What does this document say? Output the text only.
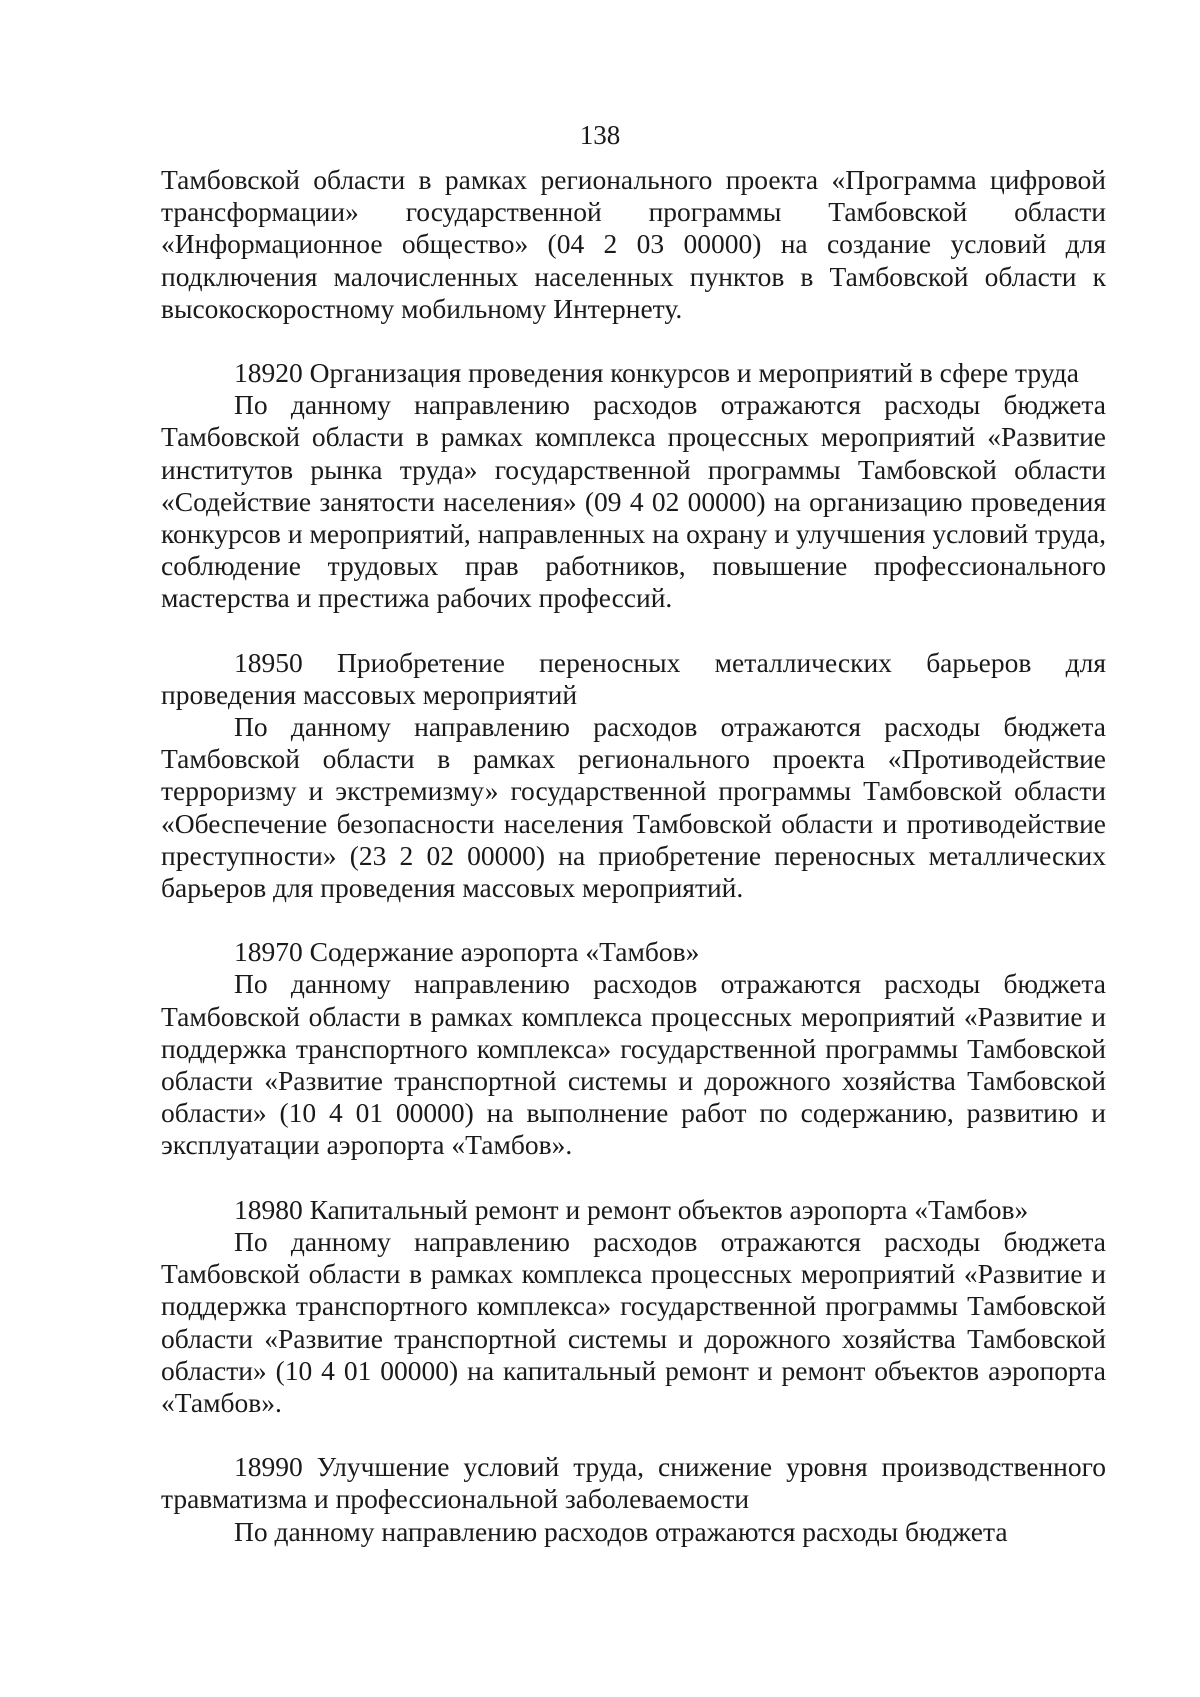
138

Тамбовской области в рамках регионального проекта «Программа цифровой трансформации» государственной программы Тамбовской области «Информационное общество» (04 2 03 00000) на создание условий для подключения малочисленных населенных пунктов в Тамбовской области к высокоскоростному мобильному Интернету.

18920 Организация проведения конкурсов и мероприятий в сфере труда

По данному направлению расходов отражаются расходы бюджета Тамбовской области в рамках комплекса процессных мероприятий «Развитие институтов рынка труда» государственной программы Тамбовской области «Содействие занятости населения» (09 4 02 00000) на организацию проведения конкурсов и мероприятий, направленных на охрану и улучшения условий труда, соблюдение трудовых прав работников, повышение профессионального мастерства и престижа рабочих профессий.

18950 Приобретение переносных металлических барьеров для проведения массовых мероприятий

По данному направлению расходов отражаются расходы бюджета Тамбовской области в рамках регионального проекта «Противодействие терроризму и экстремизму» государственной программы Тамбовской области «Обеспечение безопасности населения Тамбовской области и противодействие преступности» (23 2 02 00000) на приобретение переносных металлических барьеров для проведения массовых мероприятий.

18970 Содержание аэропорта «Тамбов»

По данному направлению расходов отражаются расходы бюджета Тамбовской области в рамках комплекса процессных мероприятий «Развитие и поддержка транспортного комплекса» государственной программы Тамбовской области «Развитие транспортной системы и дорожного хозяйства Тамбовской области» (10 4 01 00000) на выполнение работ по содержанию, развитию и эксплуатации аэропорта «Тамбов».

18980 Капитальный ремонт и ремонт объектов аэропорта «Тамбов»

По данному направлению расходов отражаются расходы бюджета Тамбовской области в рамках комплекса процессных мероприятий «Развитие и поддержка транспортного комплекса» государственной программы Тамбовской области «Развитие транспортной системы и дорожного хозяйства Тамбовской области» (10 4 01 00000) на капитальный ремонт и ремонт объектов аэропорта «Тамбов».

18990 Улучшение условий труда, снижение уровня производственного травматизма и профессиональной заболеваемости

По данному направлению расходов отражаются расходы бюджета
